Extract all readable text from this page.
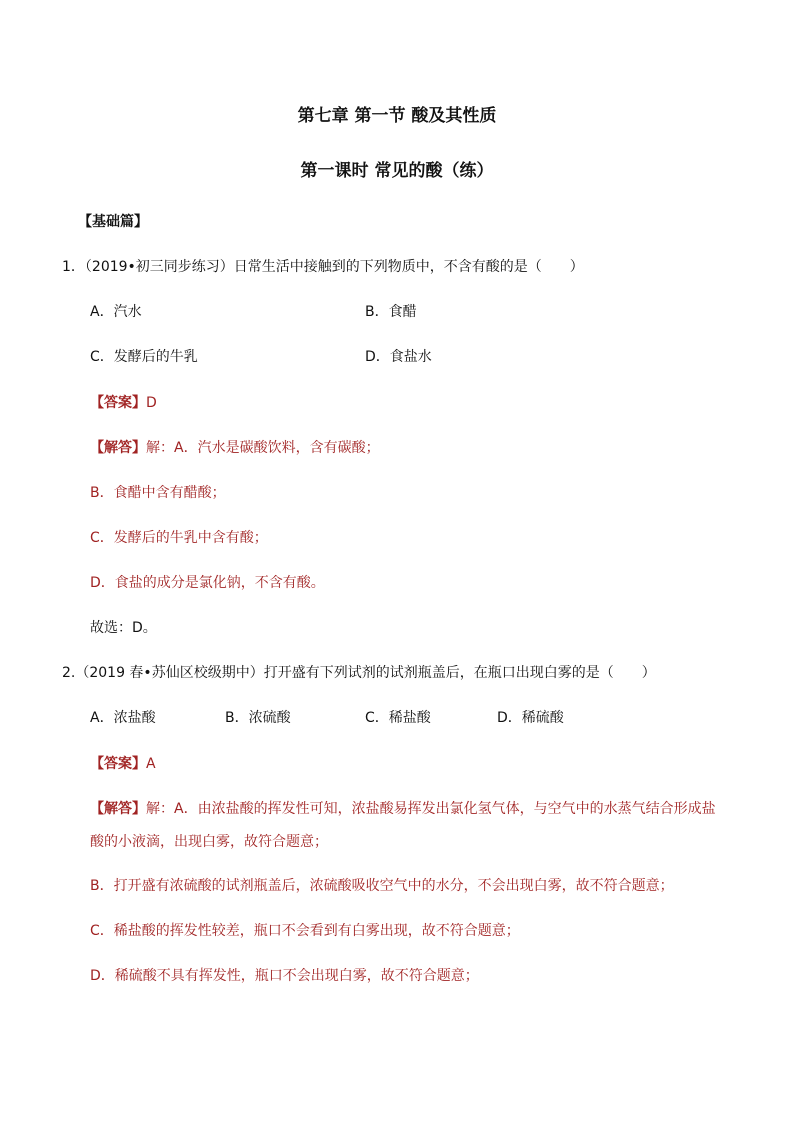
第七章 第一节 酸及其性质
第一课时 常见的酸（练）
【基础篇】
1．（2019•初三同步练习）日常生活中接触到的下列物质中，不含有酸的是（　　）
A．汽水	B．食醋
C．发酵后的牛乳	D．食盐水
【答案】D
【解答】解：A．汽水是碳酸饮料，含有碳酸；
B．食醋中含有醋酸；
C．发酵后的牛乳中含有酸；
D．食盐的成分是氯化钠，不含有酸。
故选：D。
2.（2019 春•苏仙区校级期中）打开盛有下列试剂的试剂瓶盖后，在瓶口出现白雾的是（　　）
A．浓盐酸	B．浓硫酸	C．稀盐酸	D．稀硫酸
【答案】A
【解答】解：A．由浓盐酸的挥发性可知，浓盐酸易挥发出氯化氢气体，与空气中的水蒸气结合形成盐
酸的小液滴，出现白雾，故符合题意；
B．打开盛有浓硫酸的试剂瓶盖后，浓硫酸吸收空气中的水分，不会出现白雾，故不符合题意；
C．稀盐酸的挥发性较差，瓶口不会看到有白雾出现，故不符合题意；
D．稀硫酸不具有挥发性，瓶口不会出现白雾，故不符合题意；
